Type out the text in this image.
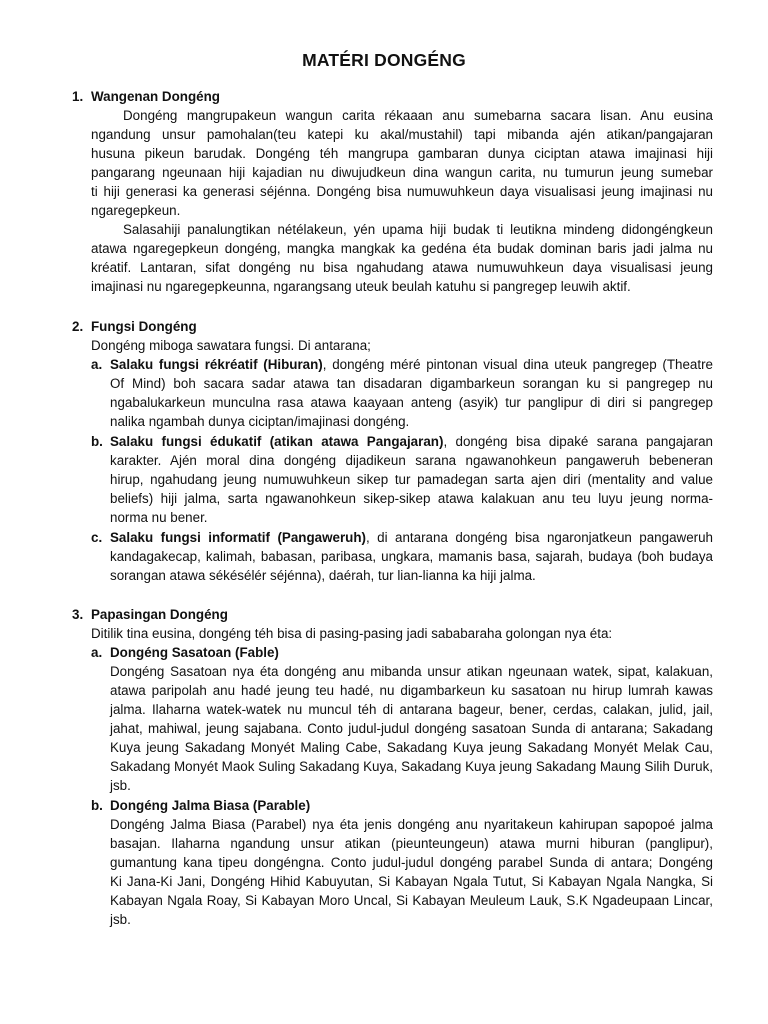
MATÉRI DONGÉNG
1. Wangenan Dongéng
Dongéng mangrupakeun wangun carita rékaaan anu sumebarna sacara lisan. Anu eusina
ngandung unsur pamohalan(teu katepi ku akal/mustahil) tapi mibanda ajén atikan/pangajaran
husuna pikeun barudak. Dongéng téh mangrupa gambaran dunya ciciptan atawa imajinasi hiji
pangarang ngeunaan hiji kajadian nu diwujudkeun dina wangun carita, nu tumurun jeung sumebar
ti hiji generasi ka generasi séjénna. Dongéng bisa numuwuhkeun daya visualisasi jeung imajinasi nu
ngaregepkeun.
Salasahiji panalungtikan nétélakeun, yén upama hiji budak ti leutikna mindeng didongéngkeun
atawa ngaregepkeun dongéng, mangka mangkak ka gedéna éta budak dominan baris jadi jalma nu
kréatif. Lantaran, sifat dongéng nu bisa ngahudang atawa numuwuhkeun daya visualisasi jeung
imajinasi nu ngaregepkeunna, ngarangsang uteuk beulah katuhu si pangregep leuwih aktif.
2. Fungsi Dongéng
Dongéng miboga sawatara fungsi. Di antarana;
a. Salaku fungsi rékréatif (Hiburan), dongéng méré pintonan visual dina uteuk pangregep (Theatre
Of Mind) boh sacara sadar atawa tan disadaran digambarkeun sorangan ku si pangregep nu
ngabalukarkeun munculna rasa atawa kaayaan anteng (asyik) tur panglipur di diri si pangregep
nalika ngambah dunya ciciptan/imajinasi dongéng.
b. Salaku fungsi édukatif (atikan atawa Pangajaran), dongéng bisa dipaké sarana pangajaran
karakter. Ajén moral dina dongéng dijadikeun sarana ngawanohkeun pangaweruh bebeneran
hirup, ngahudang jeung numuwuhkeun sikep tur pamadegan sarta ajen diri (mentality and value
beliefs) hiji jalma, sarta ngawanohkeun sikep-sikep atawa kalakuan anu teu luyu jeung norma-
norma nu bener.
c. Salaku fungsi informatif (Pangaweruh), di antarana dongéng bisa ngaronjatkeun pangaweruh
kandagakecap, kalimah, babasan, paribasa, ungkara, mamanis basa, sajarah, budaya (boh budaya
sorangan atawa sékésélér séjénna), daérah, tur lian-lianna ka hiji jalma.
3. Papasingan Dongéng
Ditilik tina eusina, dongéng téh bisa di pasing-pasing jadi sababaraha golongan nya éta:
a. Dongéng Sasatoan (Fable)
Dongéng Sasatoan nya éta dongéng anu mibanda unsur atikan ngeunaan watek, sipat, kalakuan,
atawa paripolah anu hadé jeung teu hadé, nu digambarkeun ku sasatoan nu hirup lumrah kawas
jalma. Ilaharna watek-watek nu muncul téh di antarana bageur, bener, cerdas, calakan, julid, jail,
jahat, mahiwal, jeung sajabana. Conto judul-judul dongéng sasatoan Sunda di antarana; Sakadang
Kuya jeung Sakadang Monyét Maling Cabe, Sakadang Kuya jeung Sakadang Monyét Melak Cau,
Sakadang Monyét Maok Suling Sakadang Kuya, Sakadang Kuya jeung Sakadang Maung Silih Duruk,
jsb.
b. Dongéng Jalma Biasa (Parable)
Dongéng Jalma Biasa (Parabel) nya éta jenis dongéng anu nyaritakeun kahirupan sapopoé jalma
basajan. Ilaharna ngandung unsur atikan (pieunteungeun) atawa murni hiburan (panglipur),
gumantung kana tipeu dongéngna. Conto judul-judul dongéng parabel Sunda di antara; Dongéng
Ki Jana-Ki Jani, Dongéng Hihid Kabuyutan, Si Kabayan Ngala Tutut, Si Kabayan Ngala Nangka, Si
Kabayan Ngala Roay, Si Kabayan Moro Uncal, Si Kabayan Meuleum Lauk, S.K Ngadeupaan Lincar,
jsb.
